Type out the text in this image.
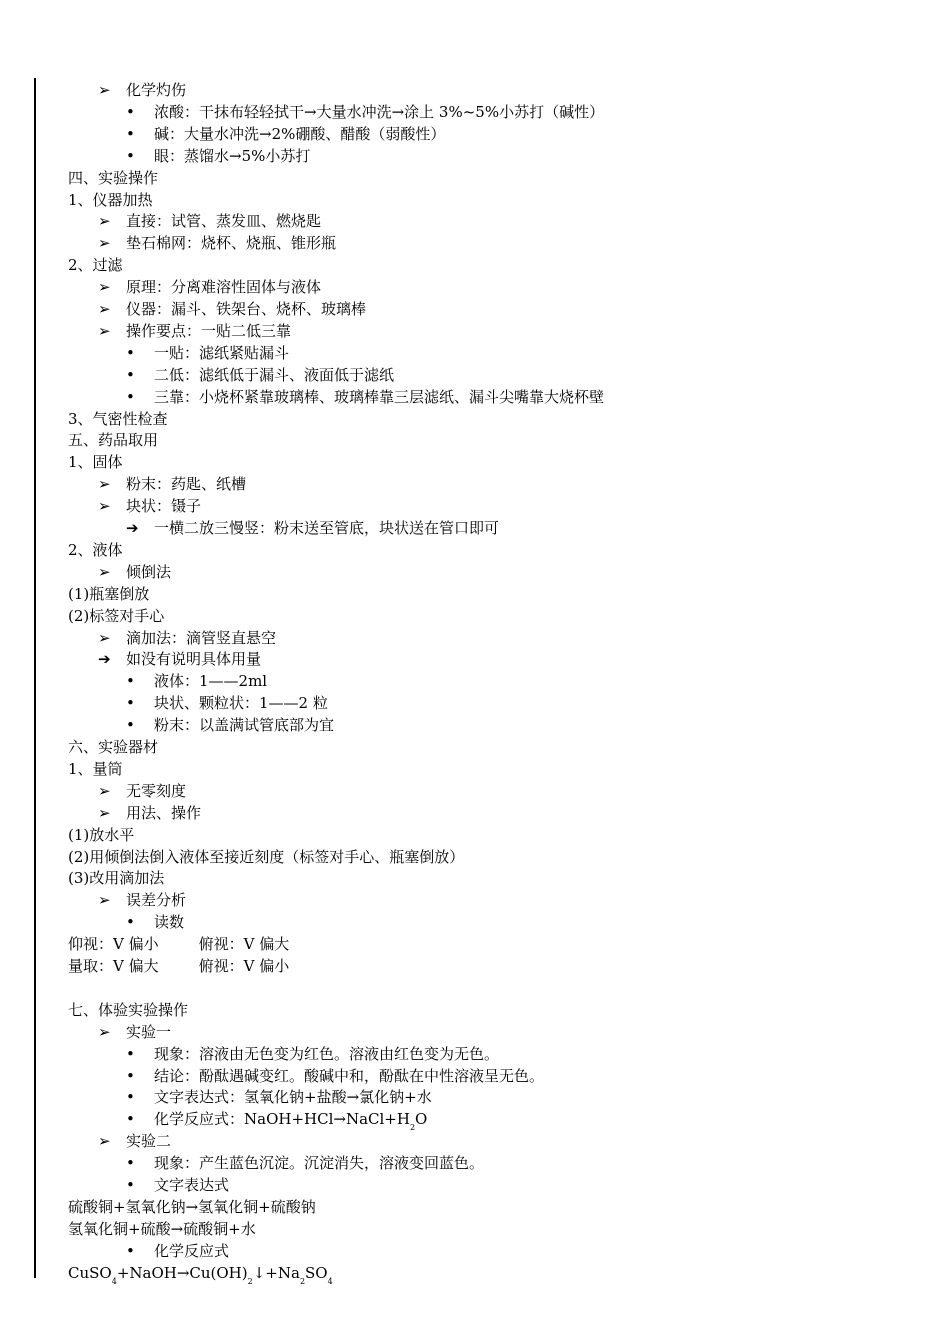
➢ 化学灼伤
• 浓酸：干抹布轻轻拭干→大量水冲洗→涂上 3%~5%小苏打（碱性）
• 碱：大量水冲洗→2%硼酸、醋酸（弱酸性）
• 眼：蒸馏水→5%小苏打
四、实验操作
1、仪器加热
➢ 直接：试管、蒸发皿、燃烧匙
➢ 垫石棉网：烧杯、烧瓶、锥形瓶
2、过滤
➢ 原理：分离难溶性固体与液体
➢ 仪器：漏斗、铁架台、烧杯、玻璃棒
➢ 操作要点：一贴二低三靠
• 一贴：滤纸紧贴漏斗
• 二低：滤纸低于漏斗、液面低于滤纸
• 三靠：小烧杯紧靠玻璃棒、玻璃棒靠三层滤纸、漏斗尖嘴靠大烧杯壁
3、气密性检查
五、药品取用
1、固体
➢ 粉末：药匙、纸槽
➢ 块状：镊子
➔ 一横二放三慢竖：粉末送至管底，块状送在管口即可
2、液体
➢ 倾倒法
(1)瓶塞倒放
(2)标签对手心
➢ 滴加法：滴管竖直悬空
➔ 如没有说明具体用量
• 液体：1——2ml
• 块状、颗粒状：1——2 粒
• 粉末：以盖满试管底部为宜
六、实验器材
1、量筒
➢ 无零刻度
➢ 用法、操作
(1)放水平
(2)用倾倒法倒入液体至接近刻度（标签对手心、瓶塞倒放）
(3)改用滴加法
➢ 误差分析
• 读数
仰视：V 偏小	俯视：V 偏大
量取：V 偏大	俯视：V 偏小
七、体验实验操作
➢ 实验一
• 现象：溶液由无色变为红色。溶液由红色变为无色。
• 结论：酚酞遇碱变红。酸碱中和，酚酞在中性溶液呈无色。
• 文字表达式：氢氧化钠+盐酸→氯化钠+水
• 化学反应式：$NaOH+HCl\to NaCl+H_2O$
➢ 实验二
• 现象：产生蓝色沉淀。沉淀消失，溶液变回蓝色。
• 文字表达式
硫酸铜+氢氧化钠→氢氧化铜+硫酸钠
氢氧化铜+硫酸→硫酸铜+水
• 化学反应式
$CuSO_4+NaOH\to Cu(OH)_2↓+Na_2SO_4$
